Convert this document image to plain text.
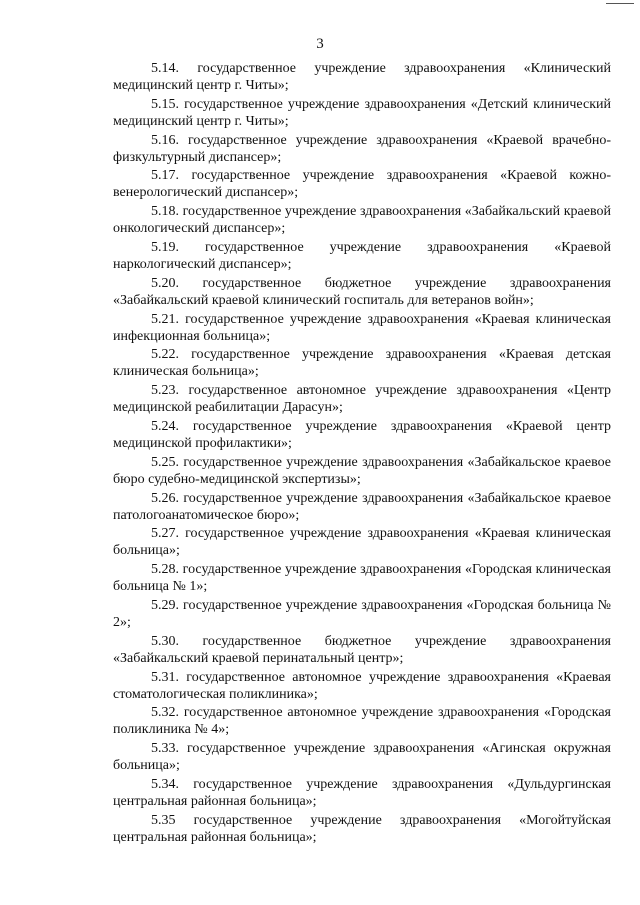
3

5.14. государственное учреждение здравоохранения «Клинический медицинский центр г. Читы»;

5.15. государственное учреждение здравоохранения «Детский клинический медицинский центр г. Читы»;

5.16. государственное учреждение здравоохранения «Краевой врачебно-физкультурный диспансер»;

5.17. государственное учреждение здравоохранения «Краевой кожно-венерологический диспансер»;

5.18. государственное учреждение здравоохранения «Забайкальский краевой онкологический диспансер»;

5.19. государственное учреждение здравоохранения «Краевой наркологический диспансер»;

5.20. государственное бюджетное учреждение здравоохранения «Забайкальский краевой клинический госпиталь для ветеранов войн»;

5.21. государственное учреждение здравоохранения «Краевая клиническая инфекционная больница»;

5.22. государственное учреждение здравоохранения «Краевая детская клиническая больница»;

5.23. государственное автономное учреждение здравоохранения «Центр медицинской реабилитации Дарасун»;

5.24. государственное учреждение здравоохранения «Краевой центр медицинской профилактики»;

5.25. государственное учреждение здравоохранения «Забайкальское краевое бюро судебно-медицинской экспертизы»;

5.26. государственное учреждение здравоохранения «Забайкальское краевое патологоанатомическое бюро»;

5.27. государственное учреждение здравоохранения «Краевая клиническая больница»;

5.28. государственное учреждение здравоохранения «Городская клиническая больница № 1»;

5.29. государственное учреждение здравоохранения «Городская больница № 2»;

5.30. государственное бюджетное учреждение здравоохранения «Забайкальский краевой перинатальный центр»;

5.31. государственное автономное учреждение здравоохранения «Краевая стоматологическая поликлиника»;

5.32. государственное автономное учреждение здравоохранения «Городская поликлиника № 4»;

5.33. государственное учреждение здравоохранения «Агинская окружная больница»;

5.34. государственное учреждение здравоохранения «Дульдургинская центральная районная больница»;

5.35 государственное учреждение здравоохранения «Могойтуйская центральная районная больница»;
